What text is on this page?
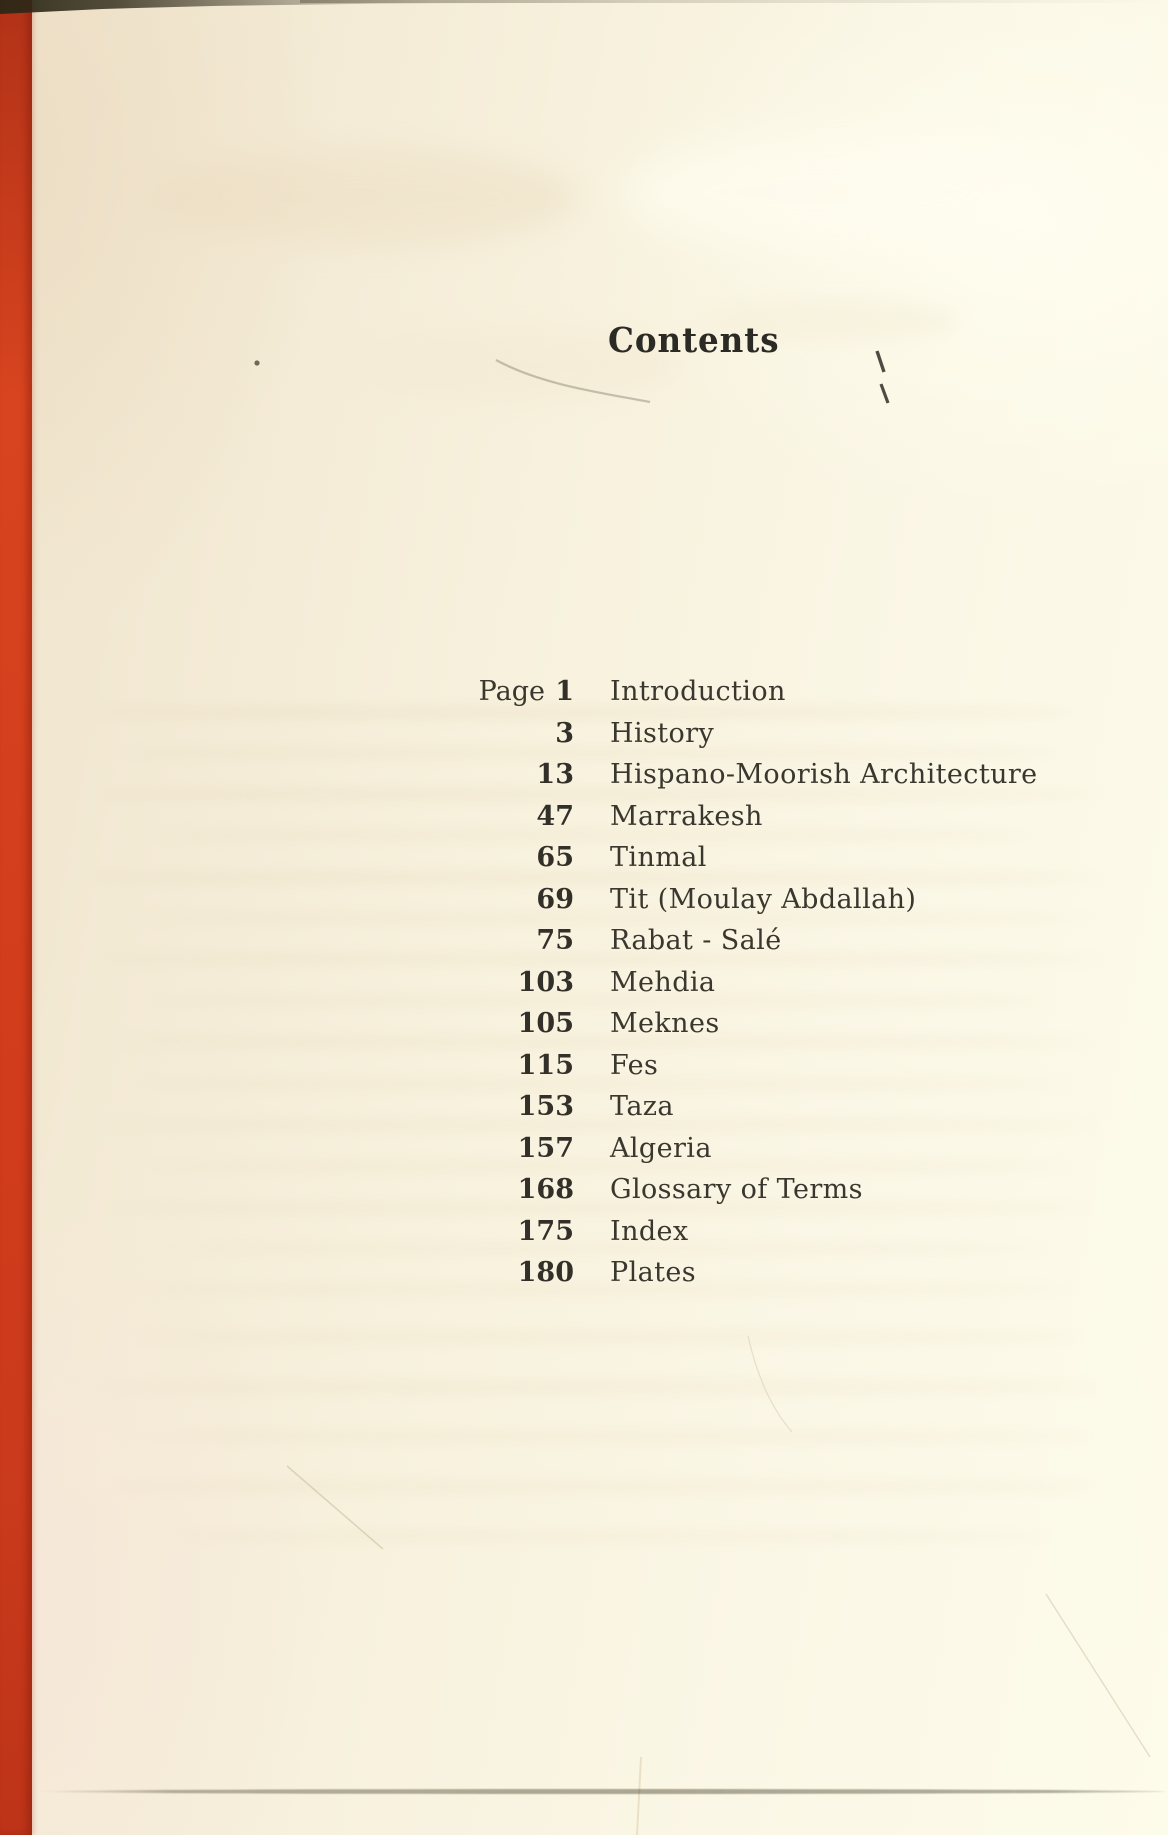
Contents
Page 1 Introduction
3 History
13 Hispano-Moorish Architecture
47 Marrakesh
65 Tinmal
69 Tit (Moulay Abdallah)
75 Rabat - Salé
103 Mehdia
105 Meknes
115 Fes
153 Taza
157 Algeria
168 Glossary of Terms
175 Index
180 Plates
